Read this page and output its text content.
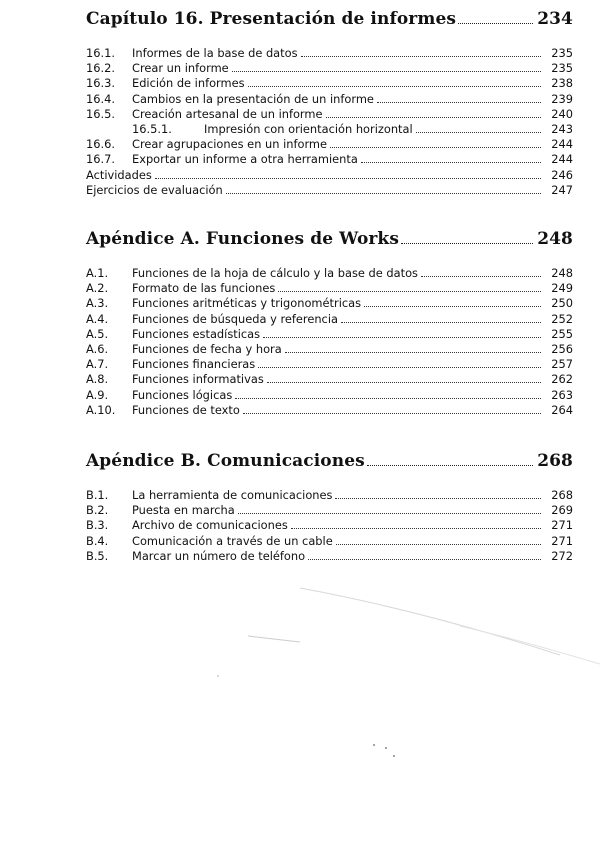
Capítulo 16. Presentación de informes	234
16.1.	Informes de la base de datos	235
16.2.	Crear un informe	235
16.3.	Edición de informes	238
16.4.	Cambios en la presentación de un informe	239
16.5.	Creación artesanal de un informe	240
16.5.1.	Impresión con orientación horizontal	243
16.6.	Crear agrupaciones en un informe	244
16.7.	Exportar un informe a otra herramienta	244
Actividades	246
Ejercicios de evaluación	247
Apéndice A. Funciones de Works	248
A.1.	Funciones de la hoja de cálculo y la base de datos	248
A.2.	Formato de las funciones	249
A.3.	Funciones aritméticas y trigonométricas	250
A.4.	Funciones de búsqueda y referencia	252
A.5.	Funciones estadísticas	255
A.6.	Funciones de fecha y hora	256
A.7.	Funciones financieras	257
A.8.	Funciones informativas	262
A.9.	Funciones lógicas	263
A.10.	Funciones de texto	264
Apéndice B. Comunicaciones	268
B.1.	La herramienta de comunicaciones	268
B.2.	Puesta en marcha	269
B.3.	Archivo de comunicaciones	271
B.4.	Comunicación a través de un cable	271
B.5.	Marcar un número de teléfono	272
